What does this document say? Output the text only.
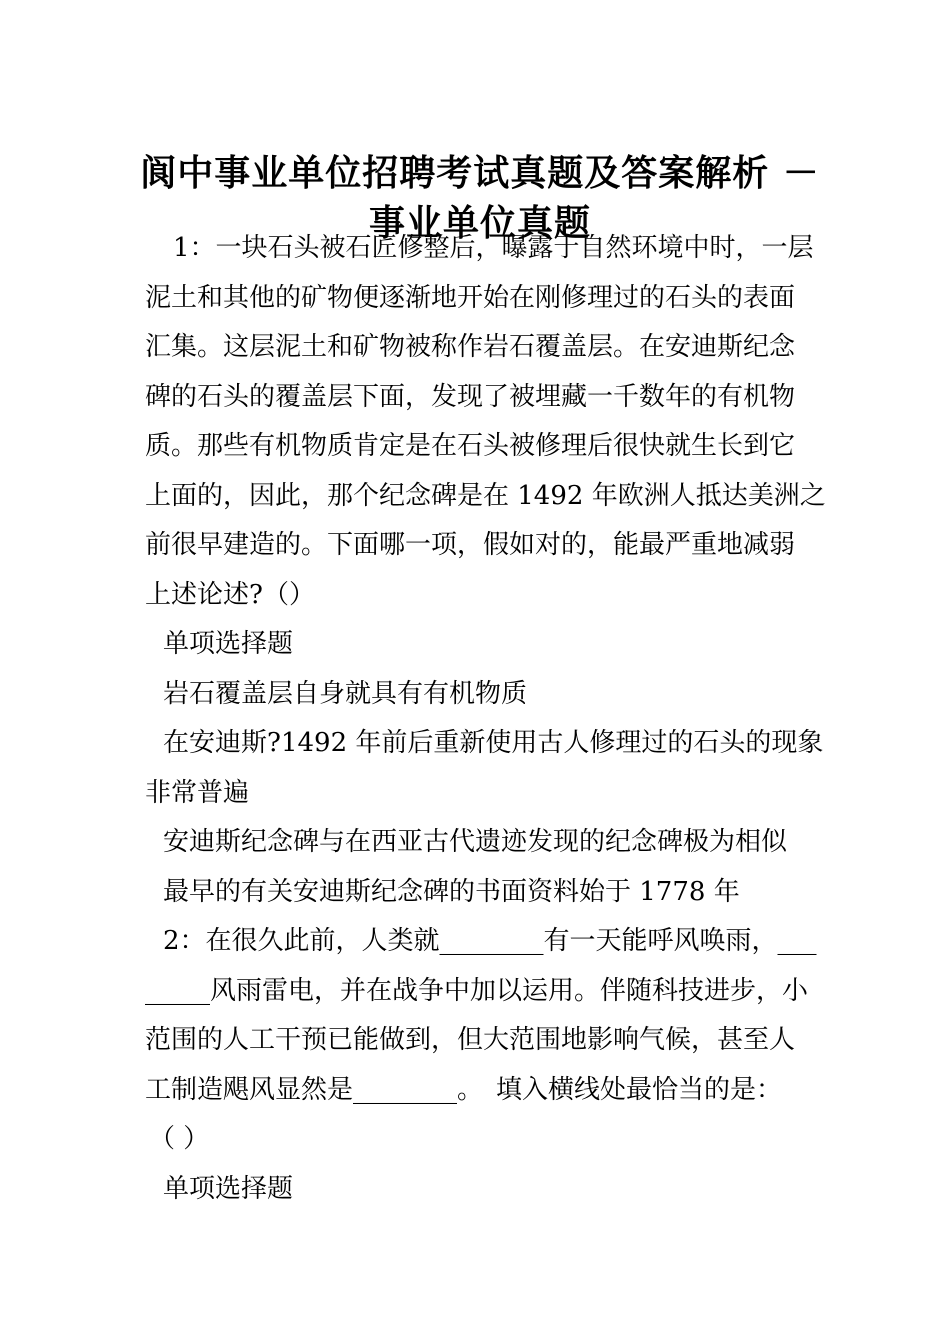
阆中事业单位招聘考试真题及答案解析 －
事业单位真题

1：一块石头被石匠修整后，曝露于自然环境中时，一层

泥土和其他的矿物便逐渐地开始在刚修理过的石头的表面

汇集。这层泥土和矿物被称作岩石覆盖层。在安迪斯纪念

碑的石头的覆盖层下面，发现了被埋藏一千数年的有机物

质。那些有机物质肯定是在石头被修理后很快就生长到它

上面的，因此，那个纪念碑是在 1492 年欧洲人抵达美洲之

前很早建造的。下面哪一项，假如对的，能最严重地减弱

上述论述?（）

单项选择题

岩石覆盖层自身就具有有机物质

在安迪斯?1492 年前后重新使用古人修理过的石头的现象

非常普遍

安迪斯纪念碑与在西亚古代遗迹发现的纪念碑极为相似

最早的有关安迪斯纪念碑的书面资料始于 1778 年

2：在很久此前，人类就________有一天能呼风唤雨，___

_____风雨雷电，并在战争中加以运用。伴随科技进步，小

范围的人工干预已能做到，但大范围地影响气候，甚至人

工制造飓风显然是________。　填入横线处最恰当的是：

（ ）

单项选择题
